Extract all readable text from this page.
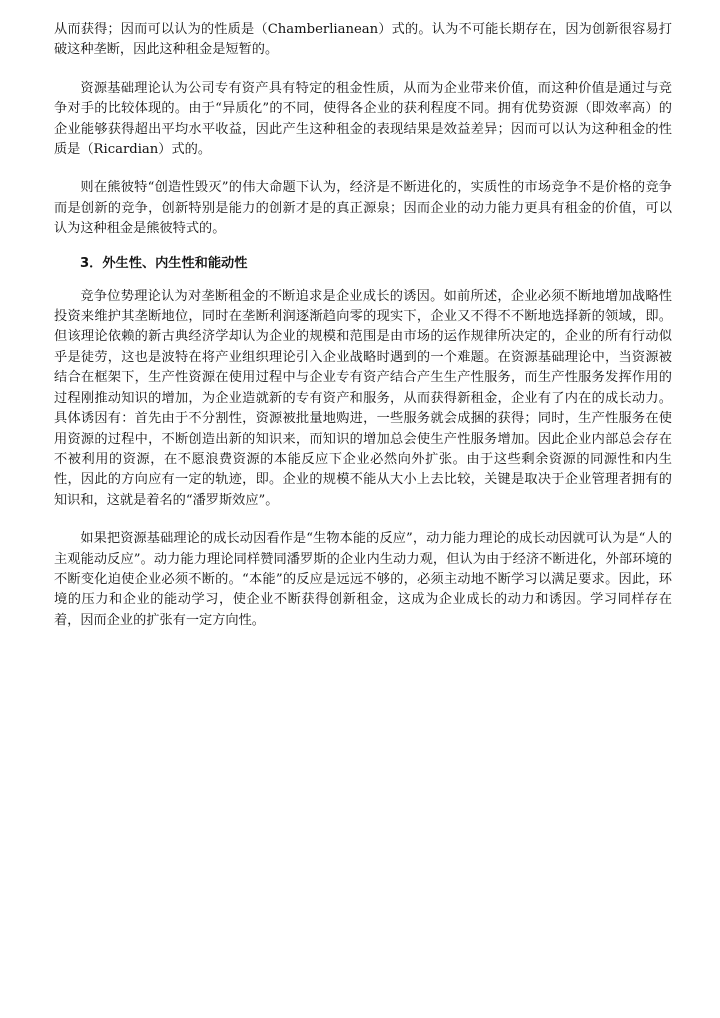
从而获得；因而可以认为的性质是（Chamberlianean）式的。认为不可能长期存在，因为创新很容易打破这种垄断，因此这种租金是短暂的。

资源基础理论认为公司专有资产具有特定的租金性质，从而为企业带来价值，而这种价值是通过与竞争对手的比较体现的。由于“异质化”的不同，使得各企业的获利程度不同。拥有优势资源（即效率高）的企业能够获得超出平均水平收益，因此产生这种租金的表现结果是效益差异；因而可以认为这种租金的性质是（Ricardian）式的。

则在熊彼特“创造性毁灭”的伟大命题下认为，经济是不断进化的，实质性的市场竞争不是价格的竞争而是创新的竞争，创新特别是能力的创新才是的真正源泉；因而企业的动力能力更具有租金的价值，可以认为这种租金是熊彼特式的。

3．外生性、内生性和能动性

竞争位势理论认为对垄断租金的不断追求是企业成长的诱因。如前所述，企业必须不断地增加战略性投资来维护其垄断地位，同时在垄断利润逐渐趋向零的现实下，企业又不得不不断地选择新的领域，即。但该理论依赖的新古典经济学却认为企业的规模和范围是由市场的运作规律所决定的，企业的所有行动似乎是徒劳，这也是波特在将产业组织理论引入企业战略时遇到的一个难题。在资源基础理论中，当资源被结合在框架下，生产性资源在使用过程中与企业专有资产结合产生生产性服务，而生产性服务发挥作用的过程刚推动知识的增加，为企业造就新的专有资产和服务，从而获得新租金，企业有了内在的成长动力。具体诱因有：首先由于不分割性，资源被批量地购进，一些服务就会成捆的获得；同时，生产性服务在使用资源的过程中，不断创造出新的知识来，而知识的增加总会使生产性服务增加。因此企业内部总会存在不被利用的资源，在不愿浪费资源的本能反应下企业必然向外扩张。由于这些剩余资源的同源性和内生性，因此的方向应有一定的轨迹，即。企业的规模不能从大小上去比较，关键是取决于企业管理者拥有的知识和，这就是着名的“潘罗斯效应”。

如果把资源基础理论的成长动因看作是“生物本能的反应”，动力能力理论的成长动因就可认为是“人的主观能动反应”。动力能力理论同样赞同潘罗斯的企业内生动力观，但认为由于经济不断进化，外部环境的不断变化迫使企业必须不断的。“本能”的反应是远远不够的，必须主动地不断学习以满足要求。因此，环境的压力和企业的能动学习，使企业不断获得创新租金，这成为企业成长的动力和诱因。学习同样存在着，因而企业的扩张有一定方向性。
